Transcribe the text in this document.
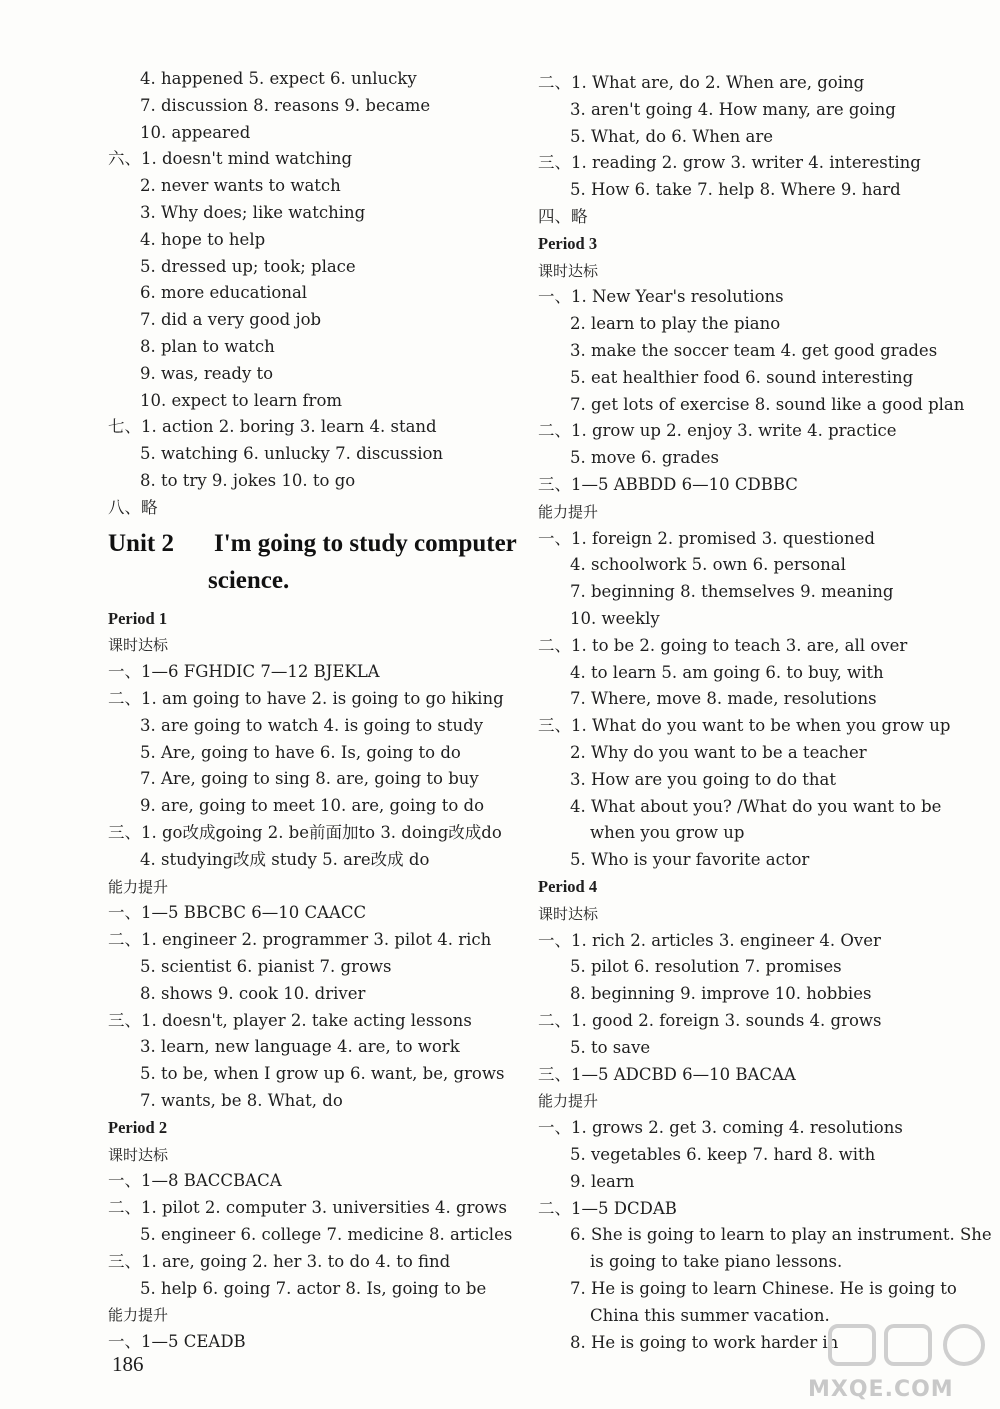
4. happened 5. expect 6. unlucky
7. discussion 8. reasons 9. became
10. appeared
六、1. doesn't mind watching
2. never wants to watch
3. Why does; like watching
4. hope to help
5. dressed up; took; place
6. more educational
7. did a very good job
8. plan to watch
9. was, ready to
10. expect to learn from
七、1. action 2. boring 3. learn 4. stand
5. watching 6. unlucky 7. discussion
8. to try 9. jokes 10. to go
八、略
Unit 2 I'm going to study computer
science.
Period 1
课时达标
一、1—6 FGHDIC 7—12 BJEKLA
二、1. am going to have 2. is going to go hiking
3. are going to watch 4. is going to study
5. Are, going to have 6. Is, going to do
7. Are, going to sing 8. are, going to buy
9. are, going to meet 10. are, going to do
三、1. go改成going 2. be前面加to 3. doing改成do
4. studying改成 study 5. are改成 do
能力提升
一、1—5 BBCBC 6—10 CAACC
二、1. engineer 2. programmer 3. pilot 4. rich
5. scientist 6. pianist 7. grows
8. shows 9. cook 10. driver
三、1. doesn't, player 2. take acting lessons
3. learn, new language 4. are, to work
5. to be, when I grow up 6. want, be, grows
7. wants, be 8. What, do
Period 2
课时达标
一、1—8 BACCBACA
二、1. pilot 2. computer 3. universities 4. grows
5. engineer 6. college 7. medicine 8. articles
三、1. are, going 2. her 3. to do 4. to find
5. help 6. going 7. actor 8. Is, going to be
能力提升
一、1—5 CEADB
二、1. What are, do 2. When are, going
3. aren't going 4. How many, are going
5. What, do 6. When are
三、1. reading 2. grow 3. writer 4. interesting
5. How 6. take 7. help 8. Where 9. hard
四、略
Period 3
课时达标
一、1. New Year's resolutions
2. learn to play the piano
3. make the soccer team 4. get good grades
5. eat healthier food 6. sound interesting
7. get lots of exercise 8. sound like a good plan
二、1. grow up 2. enjoy 3. write 4. practice
5. move 6. grades
三、1—5 ABBDD 6—10 CDBBC
能力提升
一、1. foreign 2. promised 3. questioned
4. schoolwork 5. own 6. personal
7. beginning 8. themselves 9. meaning
10. weekly
二、1. to be 2. going to teach 3. are, all over
4. to learn 5. am going 6. to buy, with
7. Where, move 8. made, resolutions
三、1. What do you want to be when you grow up
2. Why do you want to be a teacher
3. How are you going to do that
4. What about you? /What do you want to be
when you grow up
5. Who is your favorite actor
Period 4
课时达标
一、1. rich 2. articles 3. engineer 4. Over
5. pilot 6. resolution 7. promises
8. beginning 9. improve 10. hobbies
二、1. good 2. foreign 3. sounds 4. grows
5. to save
三、1—5 ADCBD 6—10 BACAA
能力提升
一、1. grows 2. get 3. coming 4. resolutions
5. vegetables 6. keep 7. hard 8. with
9. learn
二、1—5 DCDAB
6. She is going to learn to play an instrument. She
is going to take piano lessons.
7. He is going to learn Chinese. He is going to
China this summer vacation.
8. He is going to work harder in
186
MXQE.COM
